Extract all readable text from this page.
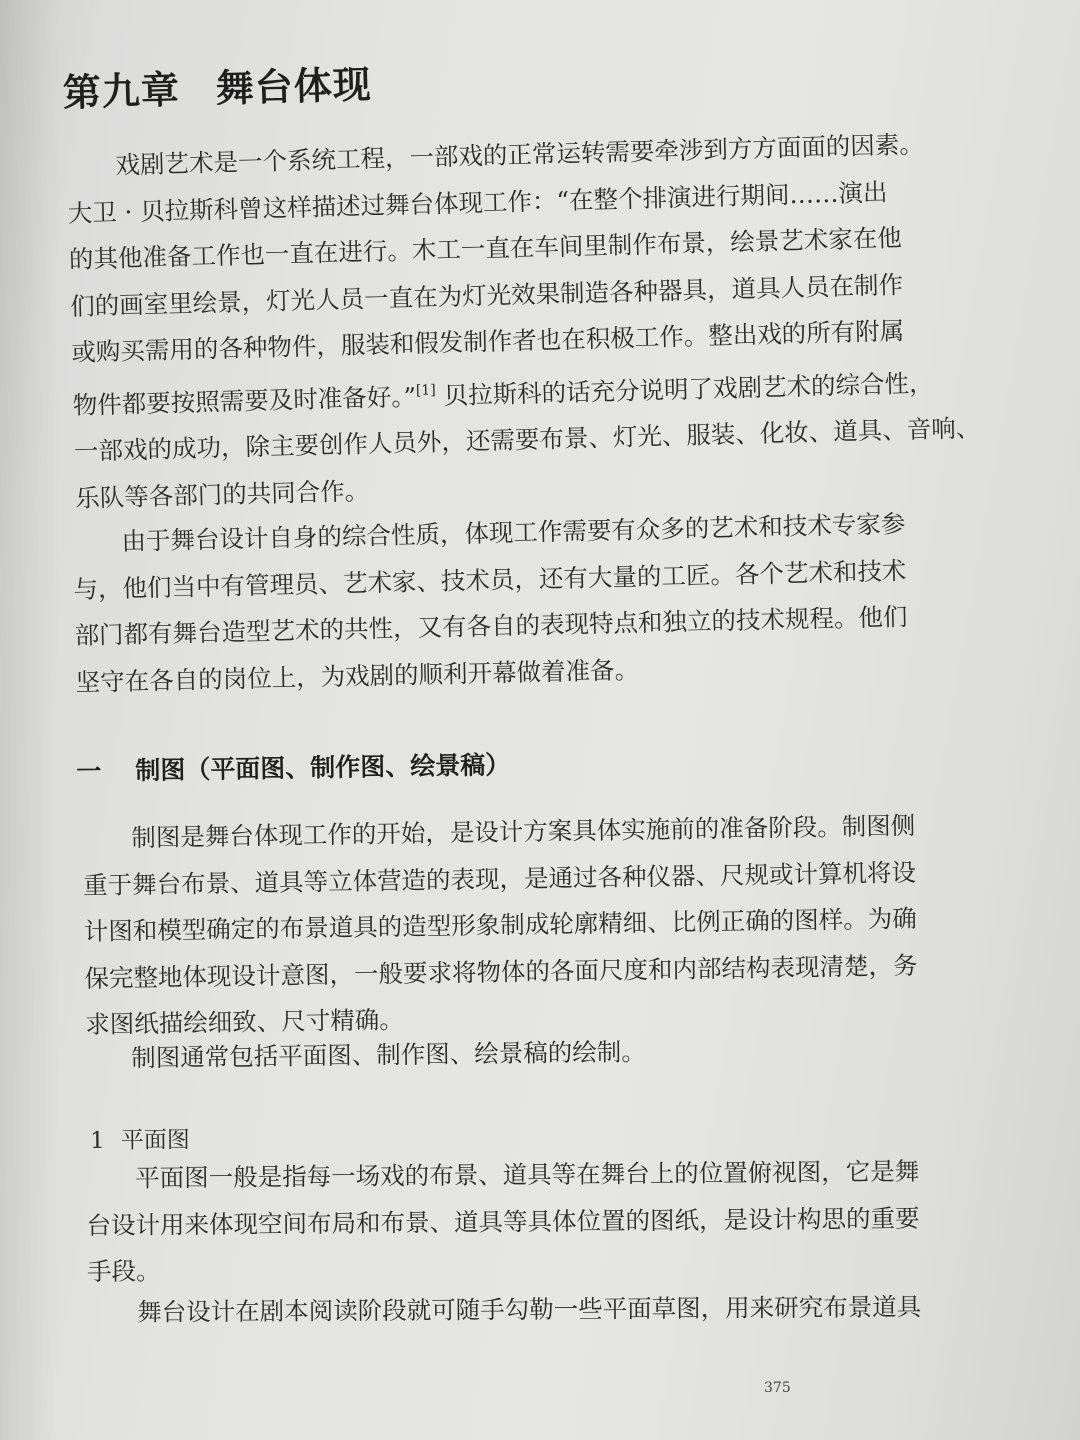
第九章 舞台体现
　　戏剧艺术是一个系统工程，一部戏的正常运转需要牵涉到方方面面的因素。
大卫 · 贝拉斯科曾这样描述过舞台体现工作：“在整个排演进行期间……演出
的其他准备工作也一直在进行。木工一直在车间里制作布景，绘景艺术家在他
们的画室里绘景，灯光人员一直在为灯光效果制造各种器具，道具人员在制作
或购买需用的各种物件，服装和假发制作者也在积极工作。整出戏的所有附属
物件都要按照需要及时准备好。”[1] 贝拉斯科的话充分说明了戏剧艺术的综合性，
一部戏的成功，除主要创作人员外，还需要布景、灯光、服装、化妆、道具、音响、
乐队等各部门的共同合作。
　　由于舞台设计自身的综合性质，体现工作需要有众多的艺术和技术专家参
与，他们当中有管理员、艺术家、技术员，还有大量的工匠。各个艺术和技术
部门都有舞台造型艺术的共性，又有各自的表现特点和独立的技术规程。他们
坚守在各自的岗位上，为戏剧的顺利开幕做着准备。
一 制图（平面图、制作图、绘景稿）
　　制图是舞台体现工作的开始，是设计方案具体实施前的准备阶段。制图侧
重于舞台布景、道具等立体营造的表现，是通过各种仪器、尺规或计算机将设
计图和模型确定的布景道具的造型形象制成轮廓精细、比例正确的图样。为确
保完整地体现设计意图，一般要求将物体的各面尺度和内部结构表现清楚，务
求图纸描绘细致、尺寸精确。
　　制图通常包括平面图、制作图、绘景稿的绘制。
1 平面图
　　平面图一般是指每一场戏的布景、道具等在舞台上的位置俯视图，它是舞
台设计用来体现空间布局和布景、道具等具体位置的图纸，是设计构思的重要
手段。
　　舞台设计在剧本阅读阶段就可随手勾勒一些平面草图，用来研究布景道具
375
